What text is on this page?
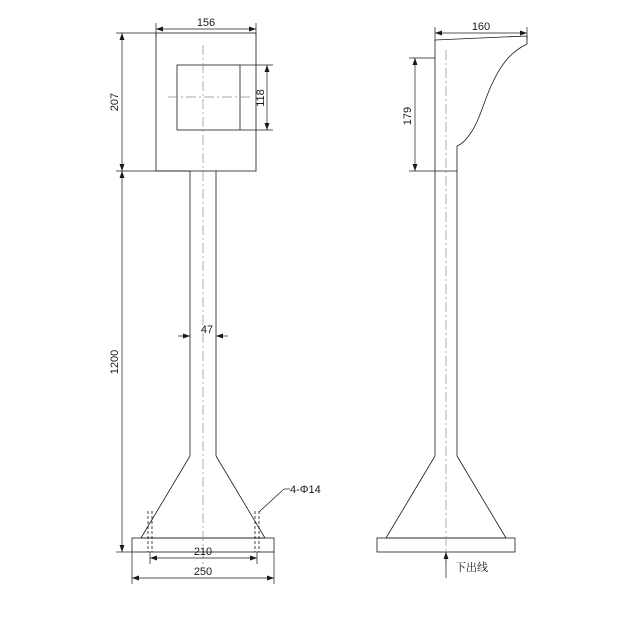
156
207	118
47
1200
210
250
4-Φ14
160
179
下出线
